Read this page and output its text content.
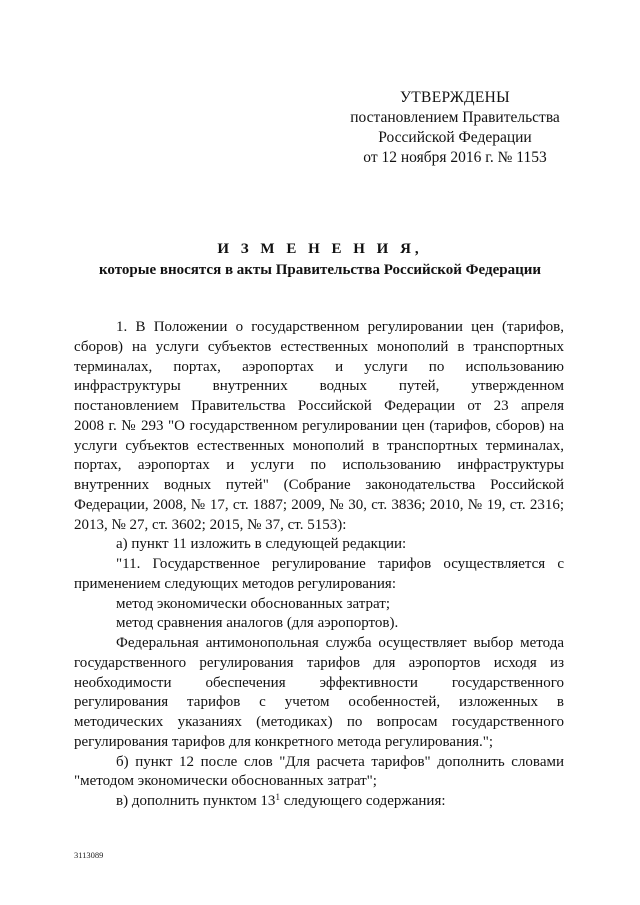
УТВЕРЖДЕНЫ
постановлением Правительства
Российской Федерации
от 12 ноября 2016 г. № 1153
И З М Е Н Е Н И Я,
которые вносятся в акты Правительства Российской Федерации
1. В Положении о государственном регулировании цен (тарифов,
сборов) на услуги субъектов естественных монополий в транспортных
терминалах, портах, аэропортах и услуги по использованию
инфраструктуры внутренних водных путей, утвержденном
постановлением Правительства Российской Федерации от 23 апреля
2008 г. № 293 "О государственном регулировании цен (тарифов, сборов) на
услуги субъектов естественных монополий в транспортных терминалах,
портах, аэропортах и услуги по использованию инфраструктуры
внутренних водных путей" (Собрание законодательства Российской
Федерации, 2008, № 17, ст. 1887; 2009, № 30, ст. 3836; 2010, № 19, ст. 2316;
2013, № 27, ст. 3602; 2015, № 37, ст. 5153):
а) пункт 11 изложить в следующей редакции:
"11. Государственное регулирование тарифов осуществляется с
применением следующих методов регулирования:
метод экономически обоснованных затрат;
метод сравнения аналогов (для аэропортов).
Федеральная антимонопольная служба осуществляет выбор метода
государственного регулирования тарифов для аэропортов исходя из
необходимости обеспечения эффективности государственного
регулирования тарифов с учетом особенностей, изложенных в
методических указаниях (методиках) по вопросам государственного
регулирования тарифов для конкретного метода регулирования.";
б) пункт 12 после слов "Для расчета тарифов" дополнить словами
"методом экономически обоснованных затрат";
в) дополнить пунктом $13^1$ следующего содержания:
3113089
